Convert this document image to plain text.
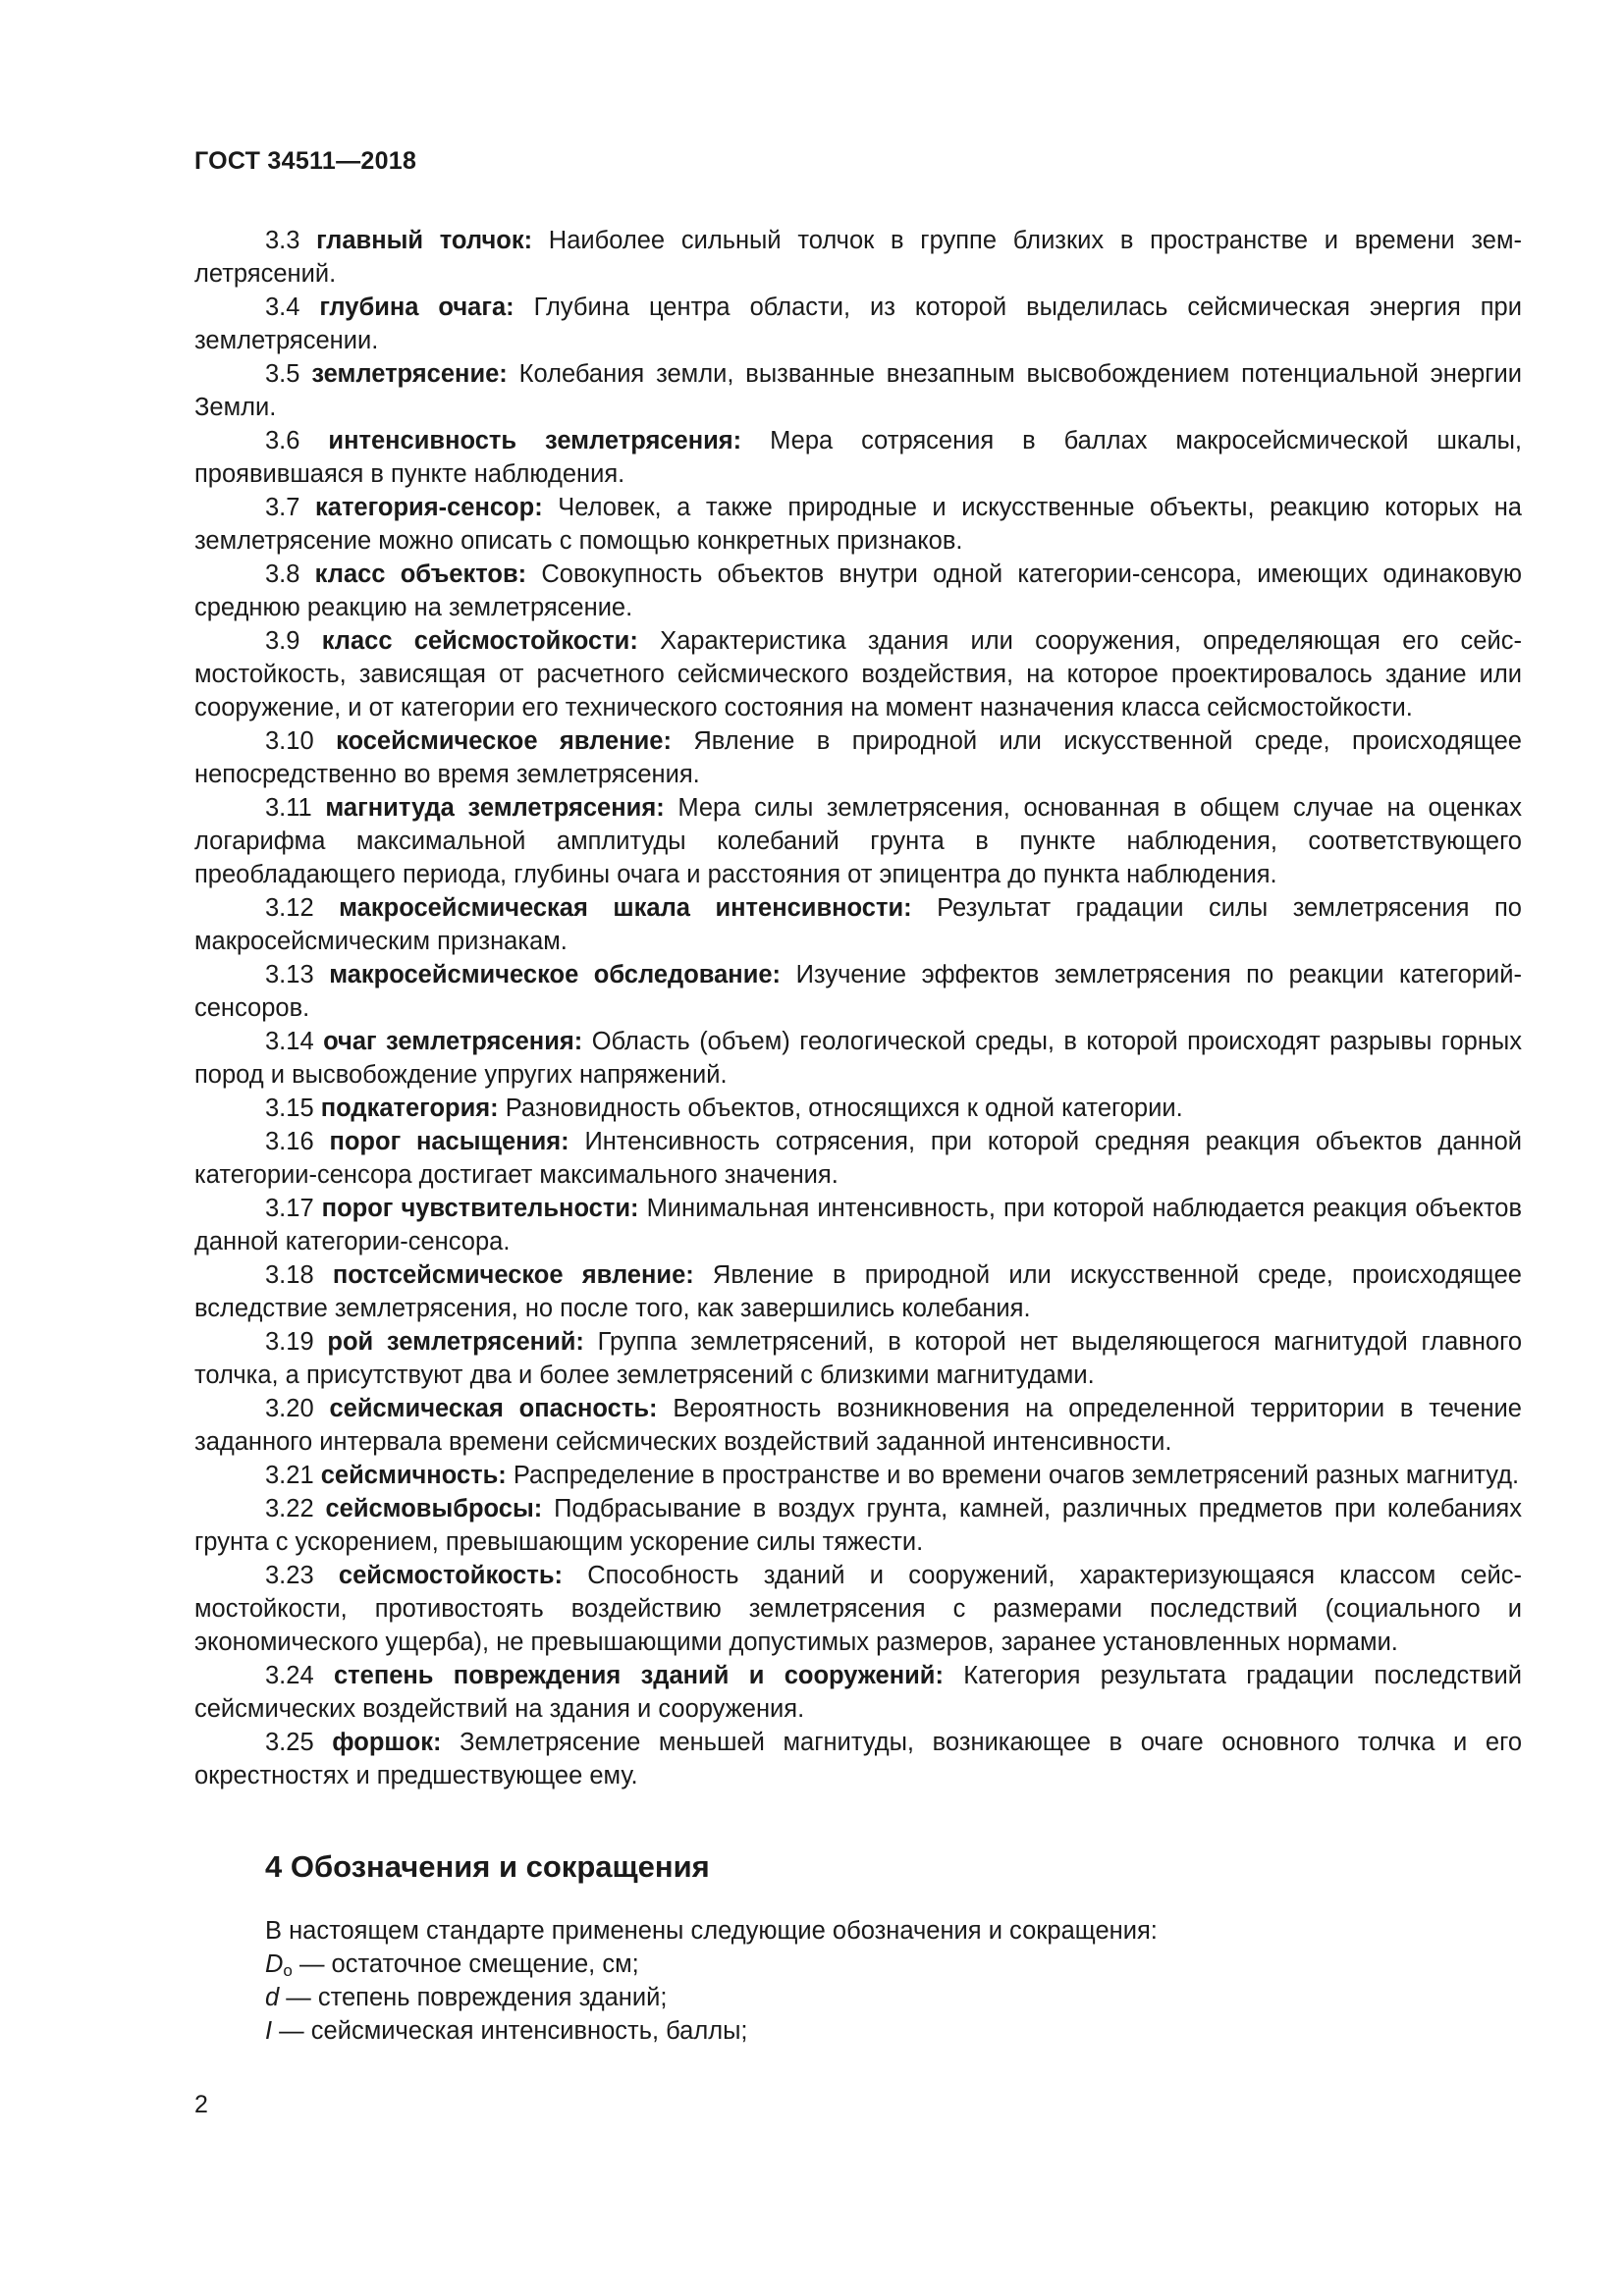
ГОСТ 34511—2018

3.3 главный толчок: Наиболее сильный толчок в группе близких в пространстве и времени землетрясений.

3.4 глубина очага: Глубина центра области, из которой выделилась сейсмическая энергия при землетрясении.

3.5 землетрясение: Колебания земли, вызванные внезапным высвобождением потенциальной энергии Земли.

3.6 интенсивность землетрясения: Мера сотрясения в баллах макросейсмической шкалы, проявившаяся в пункте наблюдения.

3.7 категория-сенсор: Человек, а также природные и искусственные объекты, реакцию которых на землетрясение можно описать с помощью конкретных признаков.

3.8 класс объектов: Совокупность объектов внутри одной категории-сенсора, имеющих одинаковую среднюю реакцию на землетрясение.

3.9 класс сейсмостойкости: Характеристика здания или сооружения, определяющая его сейсмостойкость, зависящая от расчетного сейсмического воздействия, на которое проектировалось здание или сооружение, и от категории его технического состояния на момент назначения класса сейсмостойкости.

3.10 косейсмическое явление: Явление в природной или искусственной среде, происходящее непосредственно во время землетрясения.

3.11 магнитуда землетрясения: Мера силы землетрясения, основанная в общем случае на оценках логарифма максимальной амплитуды колебаний грунта в пункте наблюдения, соответствующего преобладающего периода, глубины очага и расстояния от эпицентра до пункта наблюдения.

3.12 макросейсмическая шкала интенсивности: Результат градации силы землетрясения по макросейсмическим признакам.

3.13 макросейсмическое обследование: Изучение эффектов землетрясения по реакции категорий-сенсоров.

3.14 очаг землетрясения: Область (объем) геологической среды, в которой происходят разрывы горных пород и высвобождение упругих напряжений.

3.15 подкатегория: Разновидность объектов, относящихся к одной категории.

3.16 порог насыщения: Интенсивность сотрясения, при которой средняя реакция объектов данной категории-сенсора достигает максимального значения.

3.17 порог чувствительности: Минимальная интенсивность, при которой наблюдается реакция объектов данной категории-сенсора.

3.18 постсейсмическое явление: Явление в природной или искусственной среде, происходящее вследствие землетрясения, но после того, как завершились колебания.

3.19 рой землетрясений: Группа землетрясений, в которой нет выделяющегося магнитудой главного толчка, а присутствуют два и более землетрясений с близкими магнитудами.

3.20 сейсмическая опасность: Вероятность возникновения на определенной территории в течение заданного интервала времени сейсмических воздействий заданной интенсивности.

3.21 сейсмичность: Распределение в пространстве и во времени очагов землетрясений разных магнитуд.

3.22 сейсмовыбросы: Подбрасывание в воздух грунта, камней, различных предметов при колебаниях грунта с ускорением, превышающим ускорение силы тяжести.

3.23 сейсмостойкость: Способность зданий и сооружений, характеризующаяся классом сейсмостойкости, противостоять воздействию землетрясения с размерами последствий (социального и экономического ущерба), не превышающими допустимых размеров, заранее установленных нормами.

3.24 степень повреждения зданий и сооружений: Категория результата градации последствий сейсмических воздействий на здания и сооружения.

3.25 форшок: Землетрясение меньшей магнитуды, возникающее в очаге основного толчка и его окрестностях и предшествующее ему.

4 Обозначения и сокращения

В настоящем стандарте применены следующие обозначения и сокращения:

$D_о$ — остаточное смещение, см;
d — степень повреждения зданий;
I — сейсмическая интенсивность, баллы;
2
